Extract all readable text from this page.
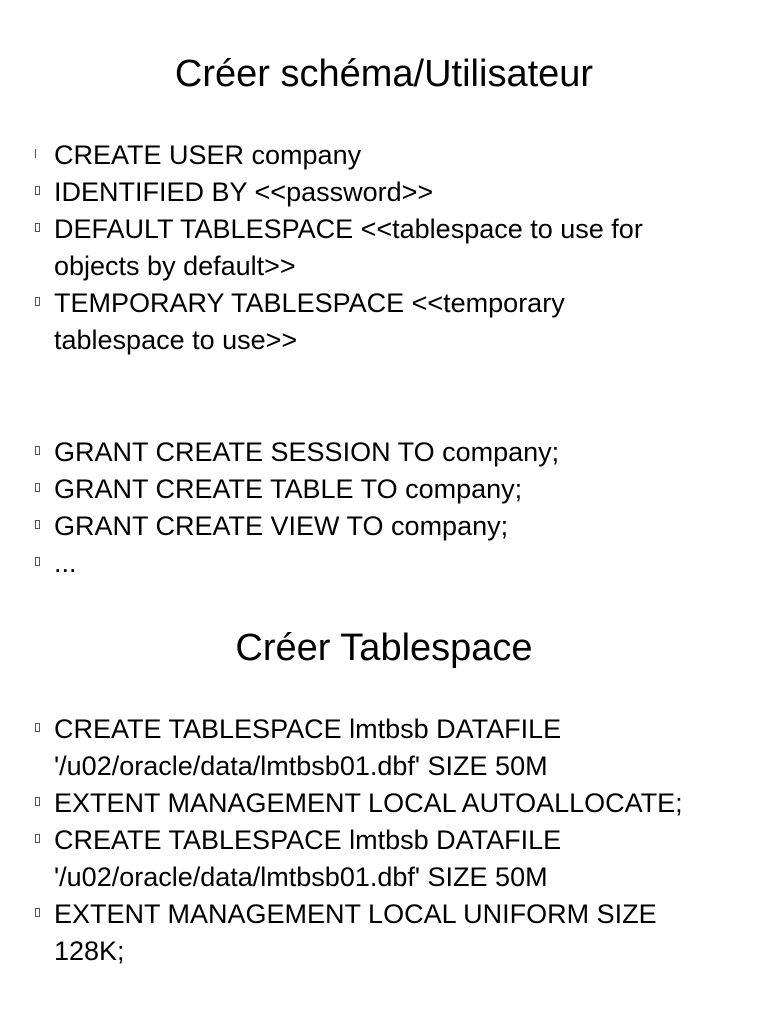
Créer schéma/Utilisateur
CREATE USER company
IDENTIFIED BY <<password>>
DEFAULT TABLESPACE <<tablespace to use for objects by default>>
TEMPORARY TABLESPACE <<temporary tablespace to use>>
GRANT CREATE SESSION TO company;
GRANT CREATE TABLE TO company;
GRANT CREATE VIEW TO company;
...
Créer Tablespace
CREATE TABLESPACE lmtbsb DATAFILE '/u02/oracle/data/lmtbsb01.dbf' SIZE 50M
EXTENT MANAGEMENT LOCAL AUTOALLOCATE;
CREATE TABLESPACE lmtbsb DATAFILE '/u02/oracle/data/lmtbsb01.dbf' SIZE 50M
EXTENT MANAGEMENT LOCAL UNIFORM SIZE 128K;
